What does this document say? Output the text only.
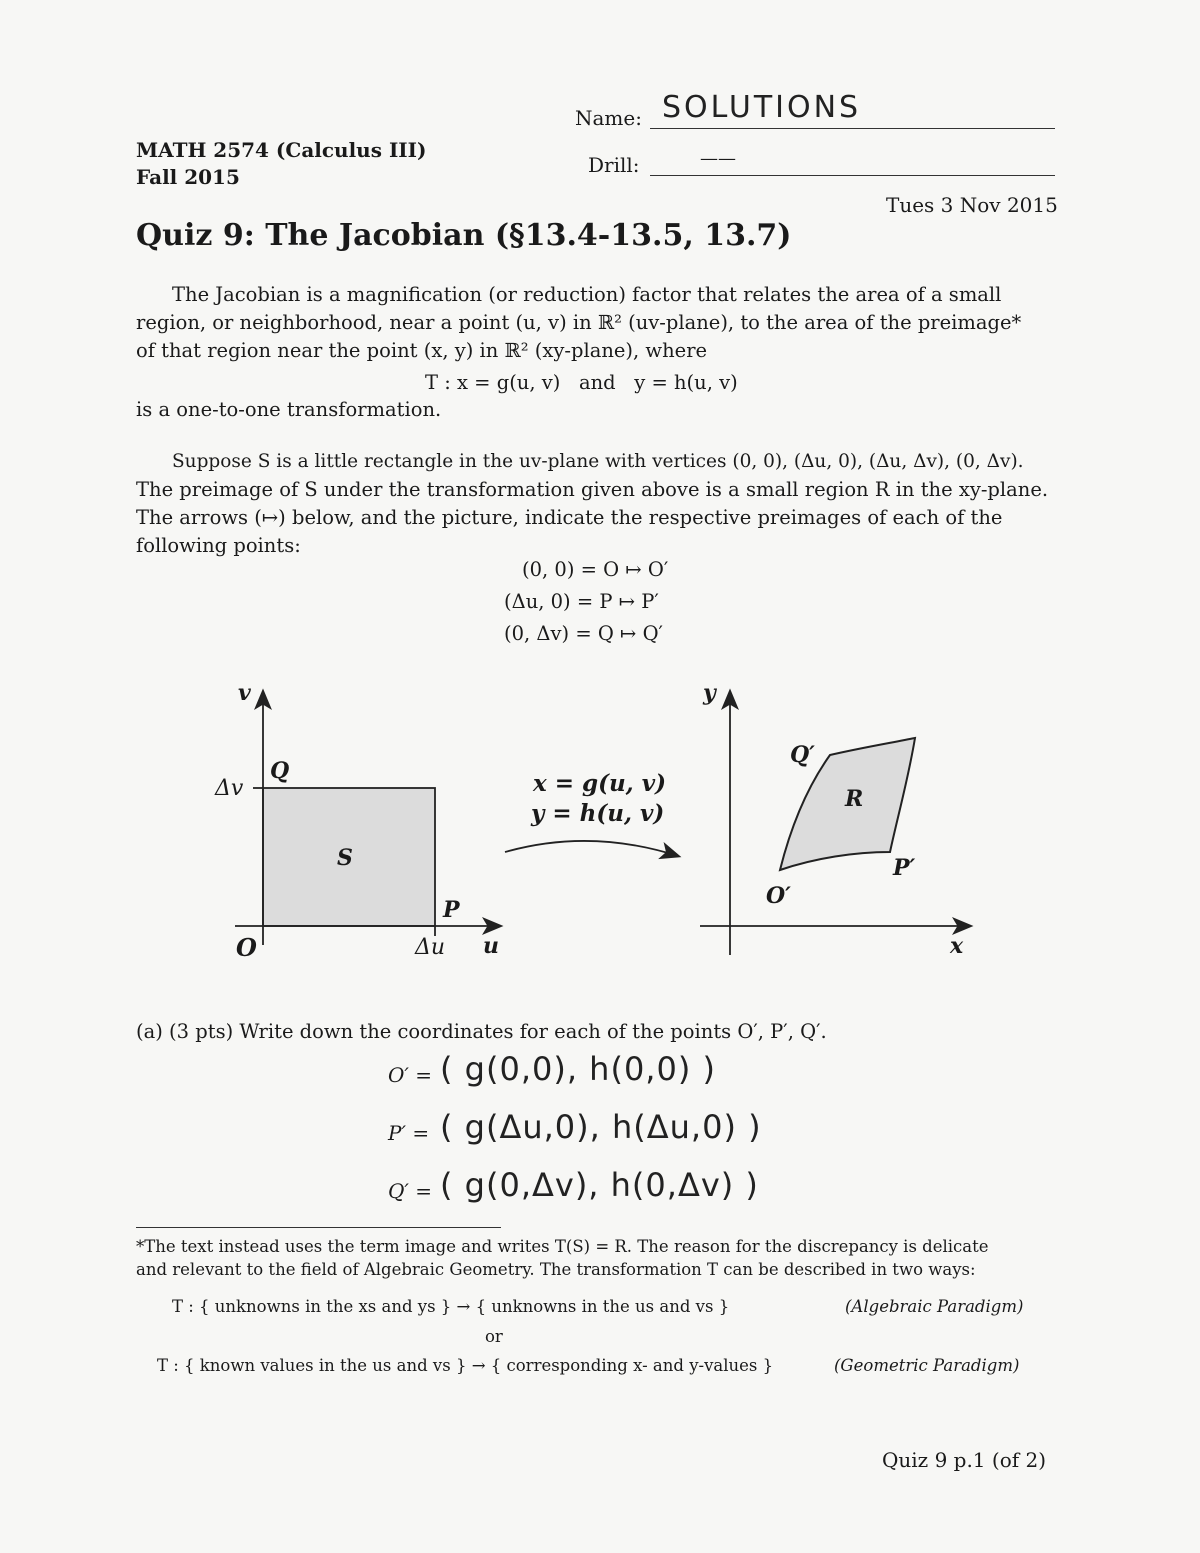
Name: SOLUTIONS
MATH 2574 (Calculus III)
Fall 2015	Drill:	——
Tues 3 Nov 2015
Quiz 9: The Jacobian (§13.4-13.5, 13.7)
The Jacobian is a magnification (or reduction) factor that relates the area of a small
region, or neighborhood, near a point (u, v) in ℝ² (uv-plane), to the area of the preimage*
of that region near the point (x, y) in ℝ² (xy-plane), where
T : x = g(u, v)   and   y = h(u, v)
is a one-to-one transformation.
Suppose S is a little rectangle in the uv-plane with vertices (0, 0), (Δu, 0), (Δu, Δv), (0, Δv).
The preimage of S under the transformation given above is a small region R in the xy-plane.
The arrows (↦) below, and the picture, indicate the respective preimages of each of the
following points:
(0, 0) = O ↦ O′
(Δu, 0) = P ↦ P′
(0, Δv) = Q ↦ Q′
v
u
Δv
Δu
Q
P
O
S
x = g(u, v)
y = h(u, v)
y
x
Q′
R
P′
O′
(a) (3 pts) Write down the coordinates for each of the points O′, P′, Q′.
O′ = ( g(0,0), h(0,0) )
P′ = ( g(Δu,0), h(Δu,0) )
Q′ = ( g(0,Δv), h(0,Δv) )
*The text instead uses the term image and writes T(S) = R. The reason for the discrepancy is delicate
and relevant to the field of Algebraic Geometry. The transformation T can be described in two ways:
T : { unknowns in the xs and ys } → { unknowns in the us and vs }	(Algebraic Paradigm)
or
T : { known values in the us and vs } → { corresponding x- and y-values }	(Geometric Paradigm)
Quiz 9 p.1 (of 2)
